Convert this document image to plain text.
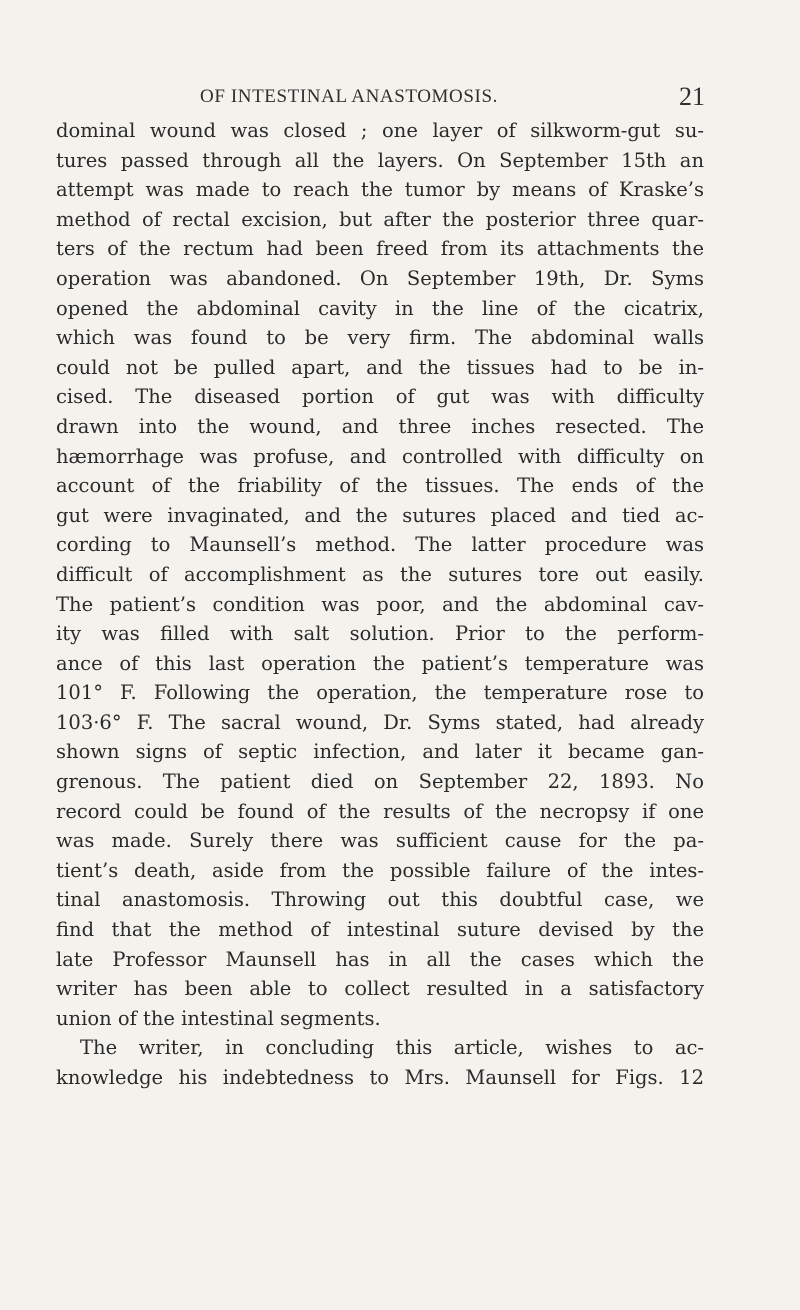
OF INTESTINAL ANASTOMOSIS.	21
dominal wound was closed ; one layer of silkworm-gut su-
tures passed through all the layers. On September 15th an
attempt was made to reach the tumor by means of Kraske’s
method of rectal excision, but after the posterior three quar-
ters of the rectum had been freed from its attachments the
operation was abandoned. On September 19th, Dr. Syms
opened the abdominal cavity in the line of the cicatrix,
which was found to be very firm. The abdominal walls
could not be pulled apart, and the tissues had to be in-
cised. The diseased portion of gut was with difficulty
drawn into the wound, and three inches resected. The
hæmorrhage was profuse, and controlled with difficulty on
account of the friability of the tissues. The ends of the
gut were invaginated, and the sutures placed and tied ac-
cording to Maunsell’s method. The latter procedure was
difficult of accomplishment as the sutures tore out easily.
The patient’s condition was poor, and the abdominal cav-
ity was filled with salt solution. Prior to the perform-
ance of this last operation the patient’s temperature was
101° F. Following the operation, the temperature rose to
103·6° F. The sacral wound, Dr. Syms stated, had already
shown signs of septic infection, and later it became gan-
grenous. The patient died on September 22, 1893. No
record could be found of the results of the necropsy if one
was made. Surely there was sufficient cause for the pa-
tient’s death, aside from the possible failure of the intes-
tinal anastomosis. Throwing out this doubtful case, we
find that the method of intestinal suture devised by the
late Professor Maunsell has in all the cases which the
writer has been able to collect resulted in a satisfactory
union of the intestinal segments.
The writer, in concluding this article, wishes to ac-
knowledge his indebtedness to Mrs. Maunsell for Figs. 12
